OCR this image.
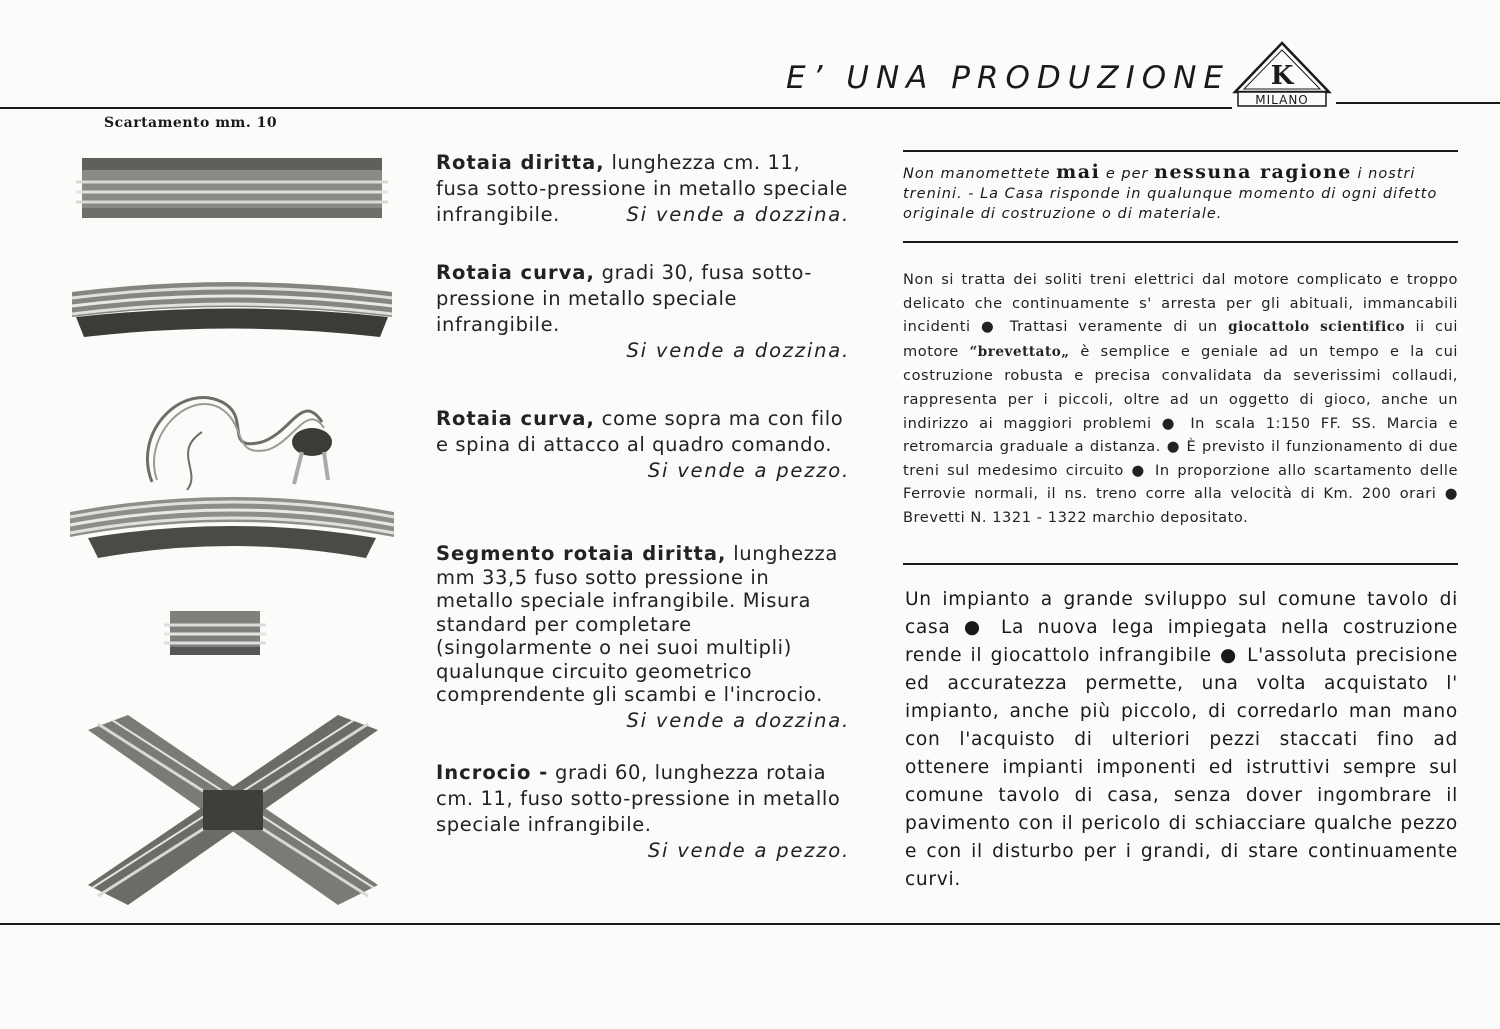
E’ UNA PRODUZIONE K
MILANO
Scartamento mm. 10
Rotaia diritta, lunghezza cm. 11, fusa sotto-pressione in metallo speciale infrangibile.	Si vende a dozzina.
Rotaia curva, gradi 30, fusa sotto-pressione in metallo speciale infrangibile.
Si vende a dozzina.
Rotaia curva, come sopra ma con filo e spina di attacco al quadro comando.
Si vende a pezzo.
Segmento rotaia diritta, lunghezza mm 33,5 fuso sotto pressione in metallo speciale infrangibile. Misura standard per completare (singolarmente o nei suoi multipli) qualunque circuito geometrico comprendente gli scambi e l'incrocio.
Si vende a dozzina.
Incrocio - gradi 60, lunghezza rotaia cm. 11, fuso sotto-pressione in metallo speciale infrangibile.
Si vende a pezzo.
Non manomettete mai e per nessuna ragione i nostri trenini. - La Casa risponde in qualunque momento di ogni difetto originale di costruzione o di materiale.
Non si tratta dei soliti treni elettrici dal motore complicato e troppo delicato che continuamente s' arresta per gli abituali, immancabili incidenti ● Trattasi veramente di un giocattolo scientifico ii cui motore “brevettato„ è semplice e geniale ad un tempo e la cui costruzione robusta e precisa convalidata da severissimi collaudi, rappresenta per i piccoli, oltre ad un oggetto di gioco, anche un indirizzo ai maggiori problemi ● In scala 1:150 FF. SS. Marcia e retromarcia graduale a distanza. ● È previsto il funzionamento di due treni sul medesimo circuito ● In proporzione allo scartamento delle Ferrovie normali, il ns. treno corre alla velocità di Km. 200 orari ● Brevetti N. 1321 - 1322 marchio depositato.
Un impianto a grande sviluppo sul comune tavolo di casa ● La nuova lega impiegata nella costruzione rende il giocattolo infrangibile ● L'assoluta precisione ed accuratezza permette, una volta acquistato l' impianto, anche più piccolo, di corredarlo man mano con l'acquisto di ulteriori pezzi staccati fino ad ottenere impianti imponenti ed istruttivi sempre sul comune tavolo di casa, senza dover ingombrare il pavimento con il pericolo di schiacciare qualche pezzo e con il disturbo per i grandi, di stare continuamente curvi.
